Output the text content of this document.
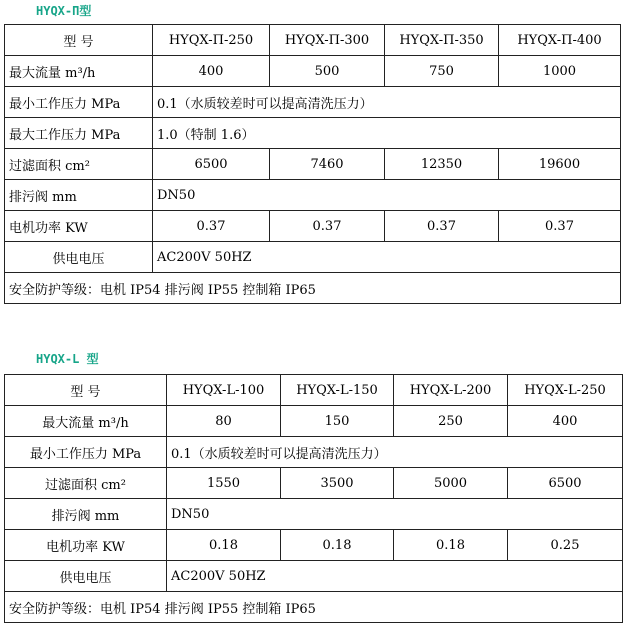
HYQX-Π型
型 号	HYQX-Π-250	HYQX-Π-300	HYQX-Π-350	HYQX-Π-400
最大流量 m³/h	400	500	750	1000
最小工作压力 MPa	0.1（水质较差时可以提高清洗压力）			
最大工作压力 MPa	1.0（特制 1.6）			
过滤面积 cm²	6500	7460	12350	19600
排污阀 mm	DN50			
电机功率 KW	0.37	0.37	0.37	0.37
供电电压	AC200V 50HZ			
安全防护等级：电机 IP54 排污阀 IP55 控制箱 IP65				
HYQX-L 型
型 号	HYQX-L-100	HYQX-L-150	HYQX-L-200	HYQX-L-250
最大流量 m³/h	80	150	250	400
最小工作压力 MPa	0.1（水质较差时可以提高清洗压力）			
过滤面积 cm²	1550	3500	5000	6500
排污阀 mm	DN50			
电机功率 KW	0.18	0.18	0.18	0.25
供电电压	AC200V 50HZ			
安全防护等级：电机 IP54 排污阀 IP55 控制箱 IP65				
